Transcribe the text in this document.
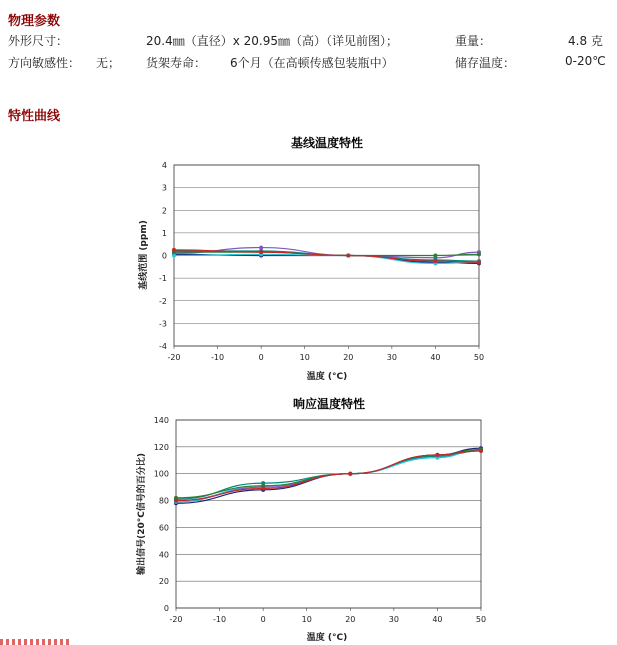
物理参数
外形尺寸：	20.4㎜（直径）x 20.95㎜（高）（详见前图）；	重量：	4.8 克
方向敏感性： 无； 货架寿命： 6个月（在高顿传感包装瓶中）	储存温度：	0-20℃
特性曲线
基线温度特性
基线范围 (ppm)
温度 (°C)
-4
-3
-2
-1
0
1
2
3
4
-20	-10	0	10	20	30	40	50
响应温度特性
输出信号(20°C信号的百分比)
温度 (°C)
0
20
40
60
80
100
120
140
-20	-10	0	10	20	30	40	50
